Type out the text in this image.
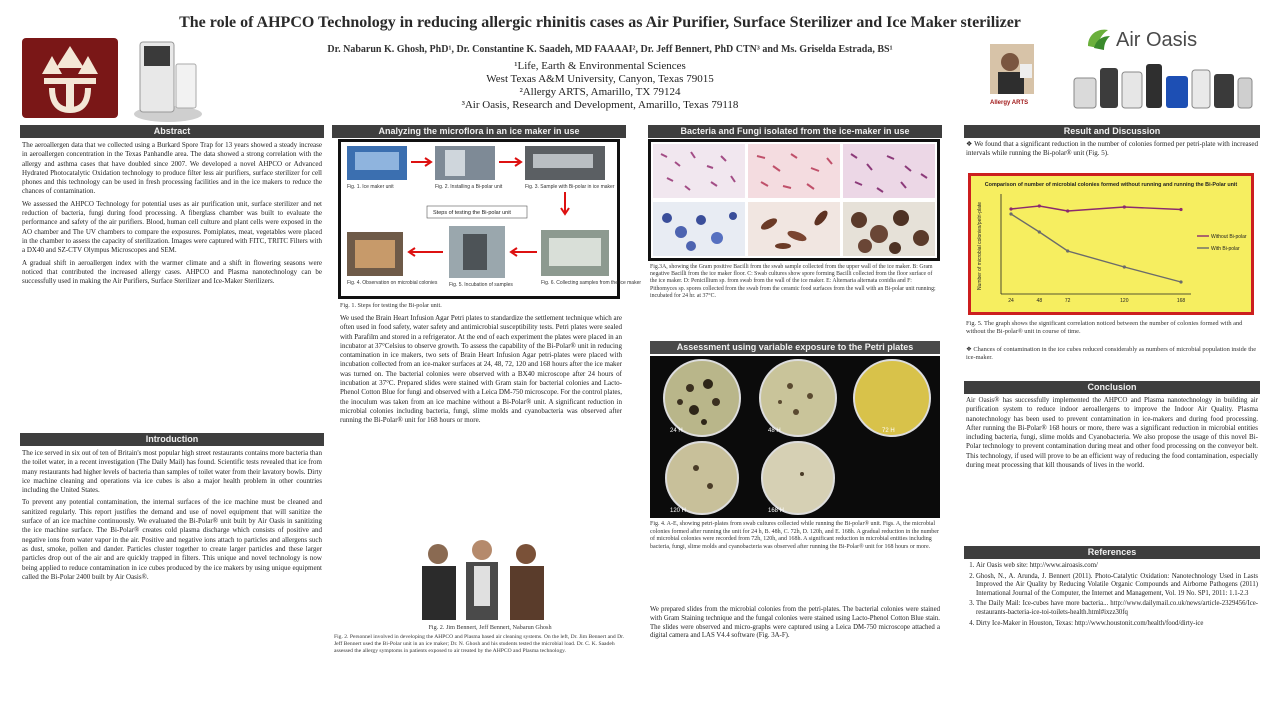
The role of AHPCO Technology in reducing allergic rhinitis cases as Air Purifier, Surface Sterilizer and Ice Maker sterilizer
Dr. Nabarun K. Ghosh, PhD¹, Dr. Constantine K. Saadeh, MD FAAAAI², Dr. Jeff Bennert, PhD CTN³ and Ms. Griselda Estrada, BS¹
¹Life, Earth & Environmental Sciences
West Texas A&M University, Canyon, Texas 79015
²Allergy ARTS, Amarillo, TX 79124
³Air Oasis, Research and Development, Amarillo, Texas 79118
Air Oasis
Allergy ARTS
Abstract

The aeroallergen data that we collected using a Burkard Spore Trap for 13 years showed a steady increase in aeroallergen concentration in the Texas Panhandle area. The data showed a strong correlation with the allergy and asthma cases that have doubled since 2007. We developed a novel AHPCO or Advanced Hydrated Photocatalytic Oxidation technology to produce filter less air purifiers, surface sterilizer for cell phones and this technology can be used in fresh processing facilities and in the ice makers to reduce the chances of contamination.

We assessed the AHPCO Technology for potential uses as air purification unit, surface sterilizer and net reduction of bacteria, fungi during food processing. A fiberglass chamber was built to evaluate the performance and safety of the air purifiers. Blood, human cell culture and plant cells were exposed in the AO chamber and The UV chambers to compare the exposures. Pomiplates, meat, vegetables were placed in the chamber to assess the capacity of sterilization. Images were captured with FITC, TRITC Filters with a DX40 and SZ-CTV Olympus Microscopes and SEM.

A gradual shift in aeroallergen index with the warmer climate and a shift in flowering seasons were noticed that contributed the increased allergy cases. AHPCO and Plasma nanotechnology can be successfully used in making the Air Purifiers, Surface Sterilizer and Ice-Maker Sterilizers.

Introduction

The ice served in six out of ten of Britain's most popular high street restaurants contains more bacteria than the toilet water, in a recent investigation (The Daily Mail) has found. Scientific tests revealed that ice from many restaurants had higher levels of bacteria than samples of toilet water from their lavatory bowls. Dirty ice machine cleaning and operations via ice cubes is also a major health problem in other countries including the United States.

To prevent any potential contamination, the internal surfaces of the ice machine must be cleaned and sanitized regularly. This report justifies the demand and use of novel equipment that will sanitize the surface of an ice machine continuously. We evaluated the Bi-Polar® unit built by Air Oasis in sanitizing the ice machine surface. The Bi-Polar® creates cold plasma discharge which consists of positive and negative ions from water vapor in the air. Positive and negative ions attach to particles and allergens such as dust, smoke, pollen and dander. Particles cluster together to create larger particles and these larger particles drop out of the air and are quickly trapped in filters. This unique and novel technology is now being applied to reduce contamination in ice cubes produced by the ice makers by using unique equipment called the Bi-Polar 2400 built by Air Oasis®.

Analyzing the microflora in an ice maker in use
Fig. 1. Ice maker unit	Fig. 2. Installing a Bi-polar unit	Fig. 3. Sample with Bi-polar in ice maker
Steps of testing the Bi-polar unit
Fig. 4. Observation on microbial colonies Fig. 5. Incubation of samples	Fig. 6. Collecting samples from the ice maker
Fig. 1. Steps for testing the Bi-polar unit.
We used the Brain Heart Infusion Agar Petri plates to standardize the settlement technique which are often used in food safety, water safety and antimicrobial susceptibility tests. Petri plates were sealed with Parafilm and stored in a refrigerator. At the end of each experiment the plates were placed in an incubator at 37°Celsius to observe growth. To assess the capability of the Bi-Polar® unit in reducing contamination in ice makers, two sets of Brain Heart Infusion Agar petri-plates were placed with incubation collected from an ice-maker surfaces at 24, 48, 72, 120 and 168 hours after the ice maker was turned on. The bacterial colonies were observed with a BX40 microscope after 24 hours of incubation at 37°C. Prepared slides were stained with Gram stain for bacterial colonies and Lacto-Phenol Cotton Blue for fungi and observed with a Leica DM-750 microscope. For the control plates, the inoculum was taken from an ice machine without a Bi-Polar® unit. A significant reduction in microbial colonies including bacteria, fungi, slime molds and cyanobacteria was observed after running the Bi-Polar® unit for 168 hours or more.
Fig. 2. Jim Bennert, Jeff Bennert, Nabarun Ghosh
Fig. 2. Personnel involved in developing the AHPCO and Plasma based air cleaning systems. On the left, Dr. Jim Bennert and Dr. Jeff Bennert used the Bi-Polar unit in an ice maker; Dr. N. Ghosh and his students tested the microbial load. Dr. C. K. Saadeh assessed the allergy symptoms in patients exposed to air treated by the AHPCO and Plasma technology.
Bacteria and Fungi isolated from the ice-maker in use
Fig.3A, showing the Gram positive Bacilli from the swab sample collected from the upper wall of the ice maker. B: Gram negative Bacilli from the ice maker floor. C: Swab cultures show spore forming Bacilli collected from the floor surface of the ice maker. D: Penicillium sp. from swab from the wall of the ice maker. E: Alternaria alternata conidia and F: Pithomyces sp. spores collected from the swab from the ceramic food surfaces from the wall with an Bi-polar unit running; incubated for 24 hr. at 37°C.
Assessment using variable exposure to the Petri plates
24 H	48 H	72 H
120 H	168 H
Fig. 4. A-E, showing petri-plates from swab cultures collected while running the Bi-polar® unit. Figs. A, the microbial colonies formed after running the unit for 24 h, B. 48h, C. 72h, D. 120h, and E. 168h. A gradual reduction in the number of microbial colonies were recorded from 72h, 120h, and 168h. A significant reduction in microbial entities including bacteria, fungi, slime molds and cyanobacteria was observed after running the Bi-Polar® unit for 168 hours or more.
We prepared slides from the microbial colonies from the petri-plates. The bacterial colonies were stained with Gram Staining technique and the fungal colonies were stained using Lacto-Phenol Cotton Blue stain. The slides were observed and micro-graphs were captured using a Leica DM-750 microscope attached a digital camera and LAS V4.4 software (Fig. 3A-F).
Result and Discussion
❖ We found that a significant reduction in the number of colonies formed per petri-plate with increased intervals while running the Bi-polar® unit (Fig. 5).
Comparison of number of microbial colonies formed without running and running the Bi-Polar unit
Number of microbial colonies/petri-plate
24	48	72	120	168
Without Bi-polar
With Bi-polar
Fig. 5. The graph shows the significant correlation noticed between the number of colonies formed with and without the Bi-polar® unit in course of time.
❖ Chances of contamination in the ice cubes reduced considerably as numbers of microbial population inside the ice-maker.
Conclusion
Air Oasis® has successfully implemented the AHPCO and Plasma nanotechnology in building air purification system to reduce indoor aeroallergens to improve the Indoor Air Quality. Plasma nanotechnology has been used to prevent contamination in ice-makers and during food processing. After running the Bi-Polar® 168 hours or more, there was a significant reduction in microbial entities including bacteria, fungi, slime molds and Cyanobacteria. We also propose the usage of this novel Bi-Polar technology to prevent contamination during meat and other food processing on the conveyor belt. This technology, if used will prove to be an efficient way of reducing the food contamination, especially during meat processing that kill thousands of lives in the world.
References
1. Air Oasis web site: http://www.airoasis.com/
2. Ghosh, N., A. Arunda, J. Bennert (2011). Photo-Catalytic Oxidation: Nanotechnology Used in Lasts Improved the Air Quality by Reducing Volatile Organic Compounds and Airborne Pathogens (2011) International Journal of the Computer, the Internet and Management, Vol. 19 No. SP1, 2011: 1.1-2.3
3. The Daily Mail: Ice-cubes have more bacteria... http://www.dailymail.co.uk/news/article-2329456/Ice-restaurants-bacteria-ice-toi-toilets-health.html#ixzz30fq
4. Dirty Ice-Maker in Houston, Texas: http://www.houstonit.com/health/food/dirty-ice
